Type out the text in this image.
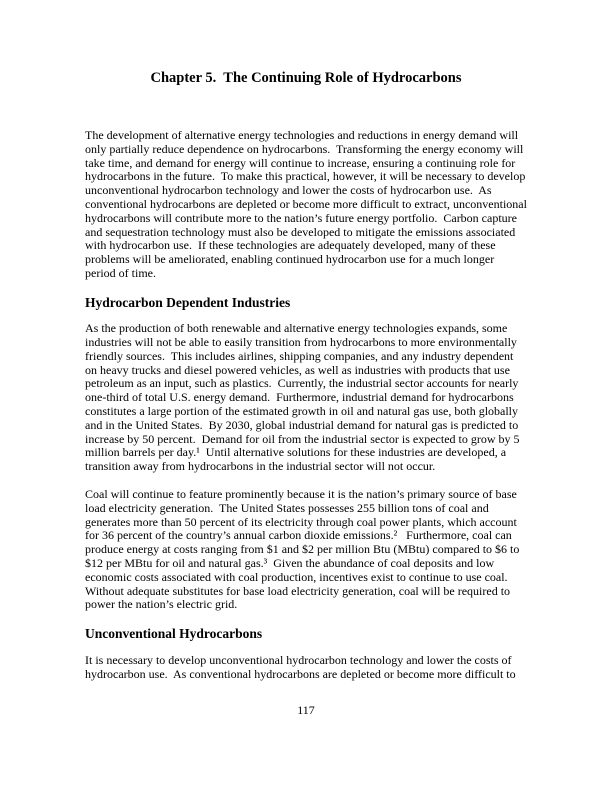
Chapter 5.  The Continuing Role of Hydrocarbons

The development of alternative energy technologies and reductions in energy demand will only partially reduce dependence on hydrocarbons.  Transforming the energy economy will take time, and demand for energy will continue to increase, ensuring a continuing role for hydrocarbons in the future.  To make this practical, however, it will be necessary to develop unconventional hydrocarbon technology and lower the costs of hydrocarbon use.  As conventional hydrocarbons are depleted or become more difficult to extract, unconventional hydrocarbons will contribute more to the nation’s future energy portfolio.  Carbon capture and sequestration technology must also be developed to mitigate the emissions associated with hydrocarbon use.  If these technologies are adequately developed, many of these problems will be ameliorated, enabling continued hydrocarbon use for a much longer period of time.

Hydrocarbon Dependent Industries

As the production of both renewable and alternative energy technologies expands, some industries will not be able to easily transition from hydrocarbons to more environmentally friendly sources.  This includes airlines, shipping companies, and any industry dependent on heavy trucks and diesel powered vehicles, as well as industries with products that use petroleum as an input, such as plastics.  Currently, the industrial sector accounts for nearly one-third of total U.S. energy demand.  Furthermore, industrial demand for hydrocarbons constitutes a large portion of the estimated growth in oil and natural gas use, both globally and in the United States.  By 2030, global industrial demand for natural gas is predicted to increase by 50 percent.  Demand for oil from the industrial sector is expected to grow by 5 million barrels per day.¹  Until alternative solutions for these industries are developed, a transition away from hydrocarbons in the industrial sector will not occur.

Coal will continue to feature prominently because it is the nation’s primary source of base load electricity generation.  The United States possesses 255 billion tons of coal and generates more than 50 percent of its electricity through coal power plants, which account for 36 percent of the country’s annual carbon dioxide emissions.²   Furthermore, coal can produce energy at costs ranging from $1 and $2 per million Btu (MBtu) compared to $6 to $12 per MBtu for oil and natural gas.³  Given the abundance of coal deposits and low economic costs associated with coal production, incentives exist to continue to use coal.  Without adequate substitutes for base load electricity generation, coal will be required to power the nation’s electric grid.

Unconventional Hydrocarbons

It is necessary to develop unconventional hydrocarbon technology and lower the costs of hydrocarbon use.  As conventional hydrocarbons are depleted or become more difficult to

117
